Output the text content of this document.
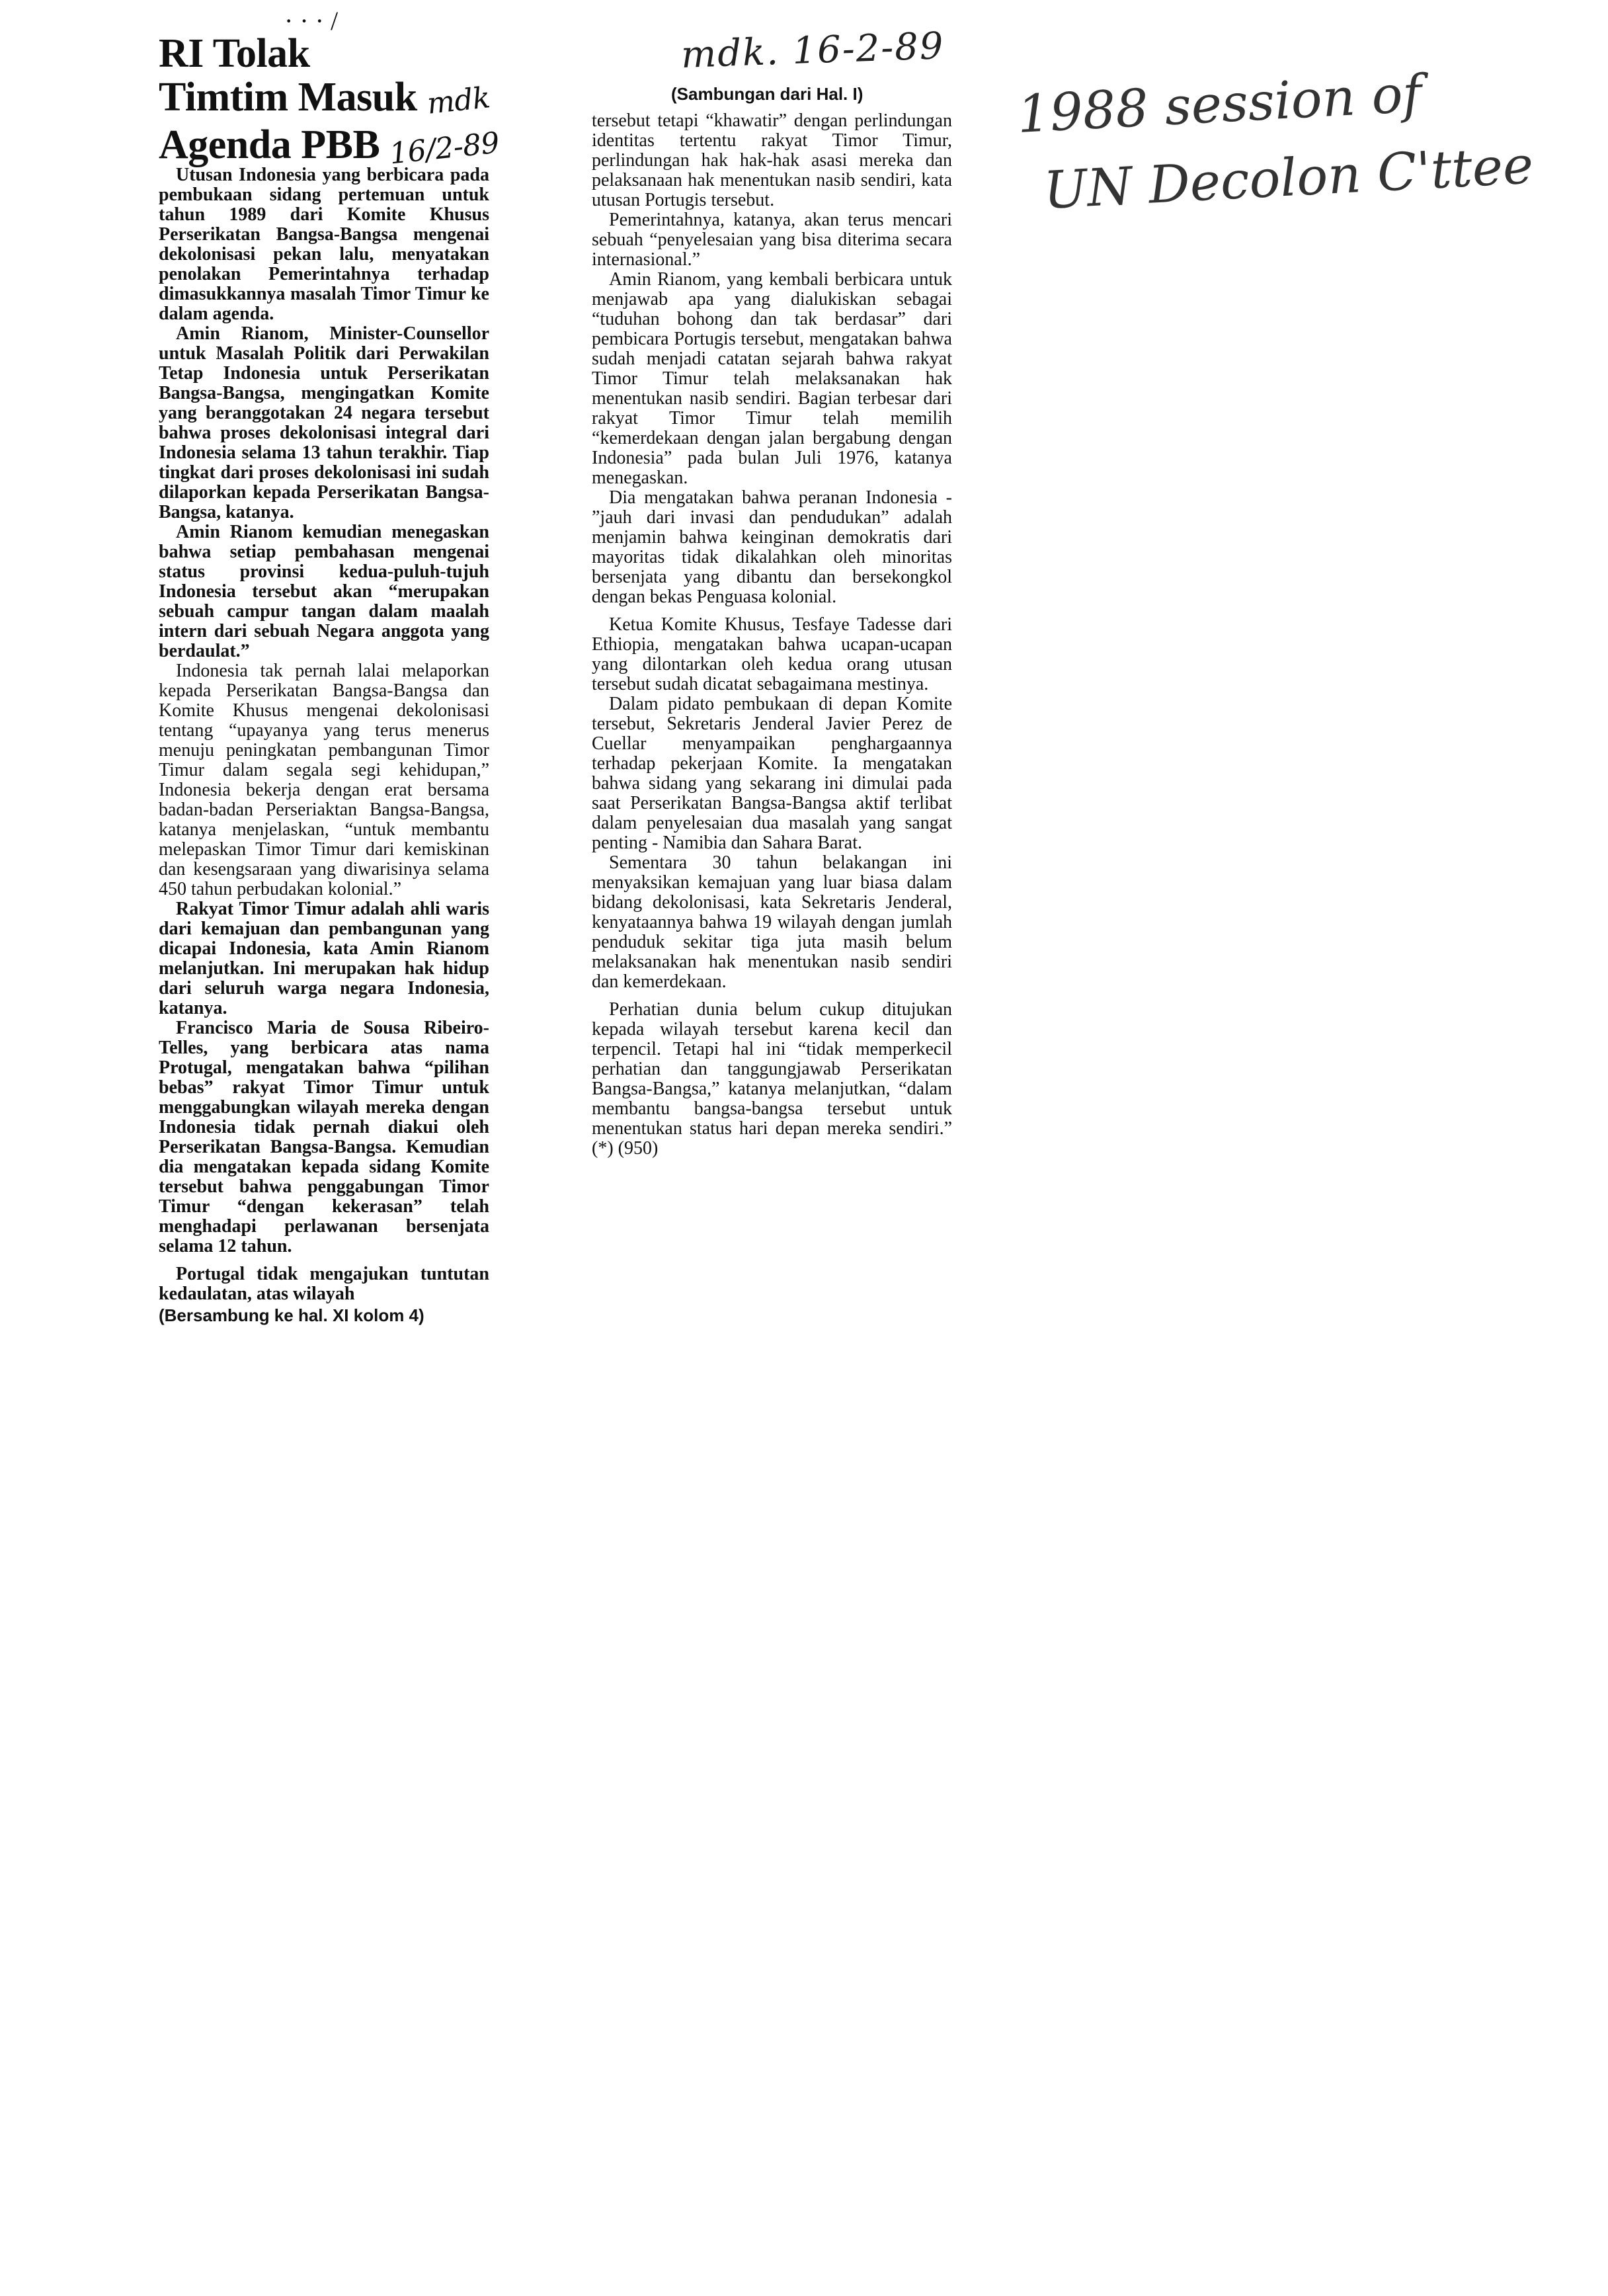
· · · /
RI Tolak
Timtim Masuk mdk
Agenda PBB 16/2-89

Utusan Indonesia yang berbicara pada pembukaan sidang pertemuan untuk tahun 1989 dari Komite Khusus Perserikatan Bangsa-Bangsa mengenai dekolonisasi pekan lalu, menyatakan penolakan Pemerintahnya terhadap dimasukkannya masalah Timor Timur ke dalam agenda.

Amin Rianom, Minister-Counsellor untuk Masalah Politik dari Perwakilan Tetap Indonesia untuk Perserikatan Bangsa-Bangsa, mengingatkan Komite yang beranggotakan 24 negara tersebut bahwa proses dekolonisasi integral dari Indonesia selama 13 tahun terakhir. Tiap tingkat dari proses dekolonisasi ini sudah dilaporkan kepada Perserikatan Bangsa-Bangsa, katanya.

Amin Rianom kemudian menegaskan bahwa setiap pembahasan mengenai status provinsi kedua-puluh-tujuh Indonesia tersebut akan “merupakan sebuah campur tangan dalam maalah intern dari sebuah Negara anggota yang berdaulat.”

Indonesia tak pernah lalai melaporkan kepada Perserikatan Bangsa-Bangsa dan Komite Khusus mengenai dekolonisasi tentang “upayanya yang terus menerus menuju peningkatan pembangunan Timor Timur dalam segala segi kehidupan,” Indonesia bekerja dengan erat bersama badan-badan Perseriaktan Bangsa-Bangsa, katanya menjelaskan, “untuk membantu melepaskan Timor Timur dari kemiskinan dan kesengsaraan yang diwarisinya selama 450 tahun perbudakan kolonial.”

Rakyat Timor Timur adalah ahli waris dari kemajuan dan pembangunan yang dicapai Indonesia, kata Amin Rianom melanjutkan. Ini merupakan hak hidup dari seluruh warga negara Indonesia, katanya.

Francisco Maria de Sousa Ribeiro-Telles, yang berbicara atas nama Protugal, mengatakan bahwa “pilihan bebas” rakyat Timor Timur untuk menggabungkan wilayah mereka dengan Indonesia tidak pernah diakui oleh Perserikatan Bangsa-Bangsa. Kemudian dia mengatakan kepada sidang Komite tersebut bahwa penggabungan Timor Timur “dengan kekerasan” telah menghadapi perlawanan bersenjata selama 12 tahun.

Portugal tidak mengajukan tuntutan kedaulatan, atas wilayah

(Bersambung ke hal. XI kolom 4)
mdk. 16-2-89
(Sambungan dari Hal. I)

tersebut tetapi “khawatir” dengan perlindungan identitas tertentu rakyat Timor Timur, perlindungan hak hak-hak asasi mereka dan pelaksanaan hak menentukan nasib sendiri, kata utusan Portugis tersebut.

Pemerintahnya, katanya, akan terus mencari sebuah “penyelesaian yang bisa diterima secara internasional.”

Amin Rianom, yang kembali berbicara untuk menjawab apa yang dialukiskan sebagai “tuduhan bohong dan tak berdasar” dari pembicara Portugis tersebut, mengatakan bahwa sudah menjadi catatan sejarah bahwa rakyat Timor Timur telah melaksanakan hak menentukan nasib sendiri. Bagian terbesar dari rakyat Timor Timur telah memilih “kemerdekaan dengan jalan bergabung dengan Indonesia” pada bulan Juli 1976, katanya menegaskan.

Dia mengatakan bahwa peranan Indonesia - ”jauh dari invasi dan pendudukan” adalah menjamin bahwa keinginan demokratis dari mayoritas tidak dikalahkan oleh minoritas bersenjata yang dibantu dan bersekongkol dengan bekas Penguasa kolonial.

Ketua Komite Khusus, Tesfaye Tadesse dari Ethiopia, mengatakan bahwa ucapan-ucapan yang dilontarkan oleh kedua orang utusan tersebut sudah dicatat sebagaimana mestinya.

Dalam pidato pembukaan di depan Komite tersebut, Sekretaris Jenderal Javier Perez de Cuellar menyampaikan penghargaannya terhadap pekerjaan Komite. Ia mengatakan bahwa sidang yang sekarang ini dimulai pada saat Perserikatan Bangsa-Bangsa aktif terlibat dalam penyelesaian dua masalah yang sangat penting - Namibia dan Sahara Barat.

Sementara 30 tahun belakangan ini menyaksikan kemajuan yang luar biasa dalam bidang dekolonisasi, kata Sekretaris Jenderal, kenyataannya bahwa 19 wilayah dengan jumlah penduduk sekitar tiga juta masih belum melaksanakan hak menentukan nasib sendiri dan kemerdekaan.

Perhatian dunia belum cukup ditujukan kepada wilayah tersebut karena kecil dan terpencil. Tetapi hal ini “tidak memperkecil perhatian dan tanggungjawab Perserikatan Bangsa-Bangsa,” katanya melanjutkan, “dalam membantu bangsa-bangsa tersebut untuk menentukan status hari depan mereka sendiri.” (*) (950)

1988 session of
UN Decolon C'ttee
